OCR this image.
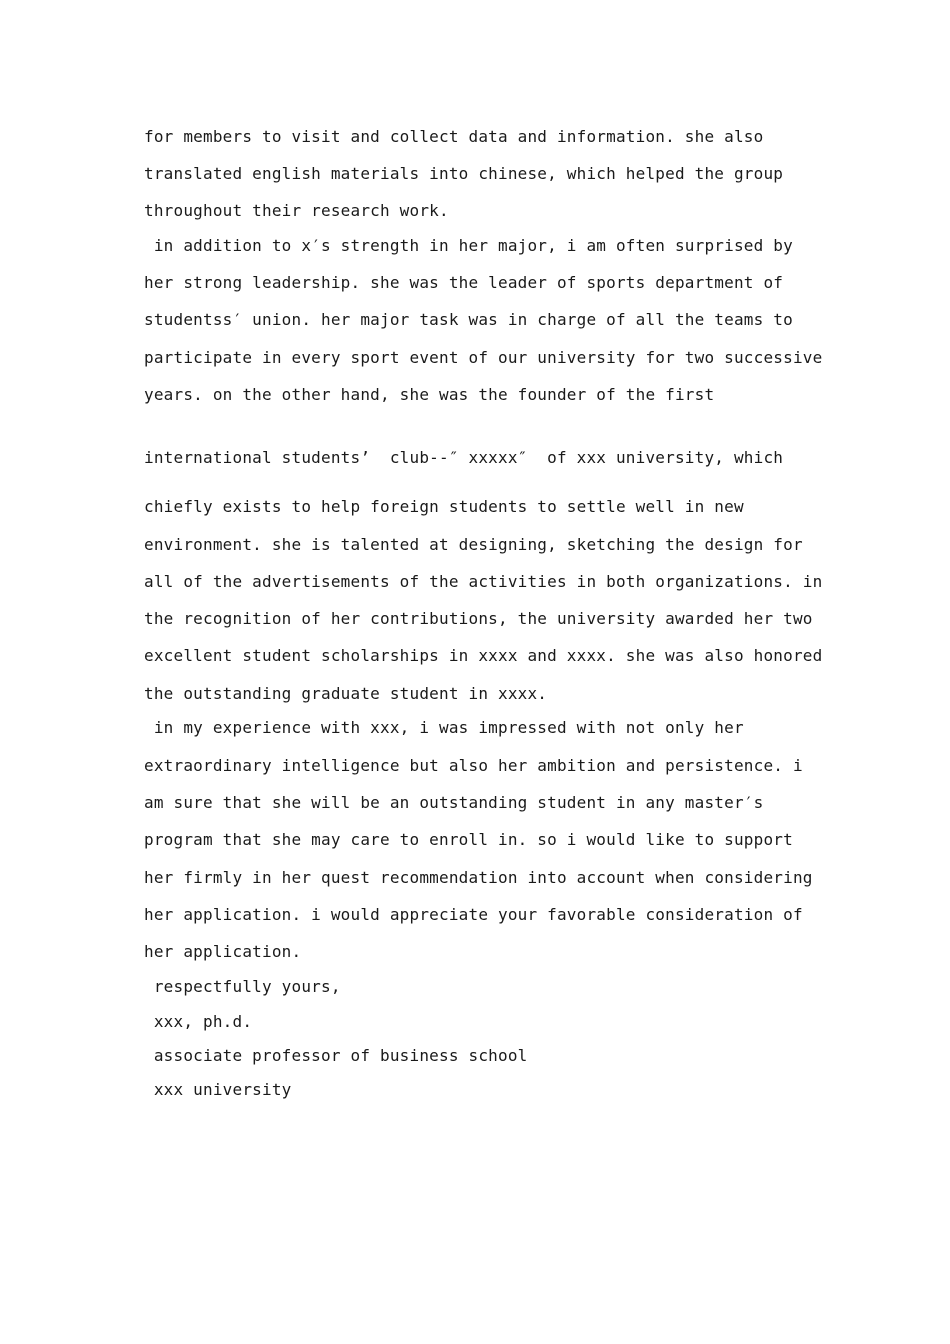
for members to visit and collect data and information. she also

translated english materials into chinese, which helped the group

throughout their research work.

in addition to x′s strength in her major, i am often surprised by

her strong leadership. she was the leader of sports department of

studentss′ union. her major task was in charge of all the teams to

participate in every sport event of our university for two successive

years. on the other hand, she was the founder of the first

international students’  club--″ xxxxx″  of xxx university, which

chiefly exists to help foreign students to settle well in new

environment. she is talented at designing, sketching the design for

all of the advertisements of the activities in both organizations. in

the recognition of her contributions, the university awarded her two

excellent student scholarships in xxxx and xxxx. she was also honored

the outstanding graduate student in xxxx.

in my experience with xxx, i was impressed with not only her

extraordinary intelligence but also her ambition and persistence. i

am sure that she will be an outstanding student in any master′s

program that she may care to enroll in. so i would like to support

her firmly in her quest recommendation into account when considering

her application. i would appreciate your favorable consideration of

her application.

respectfully yours,

xxx, ph.d.

associate professor of business school

xxx university
